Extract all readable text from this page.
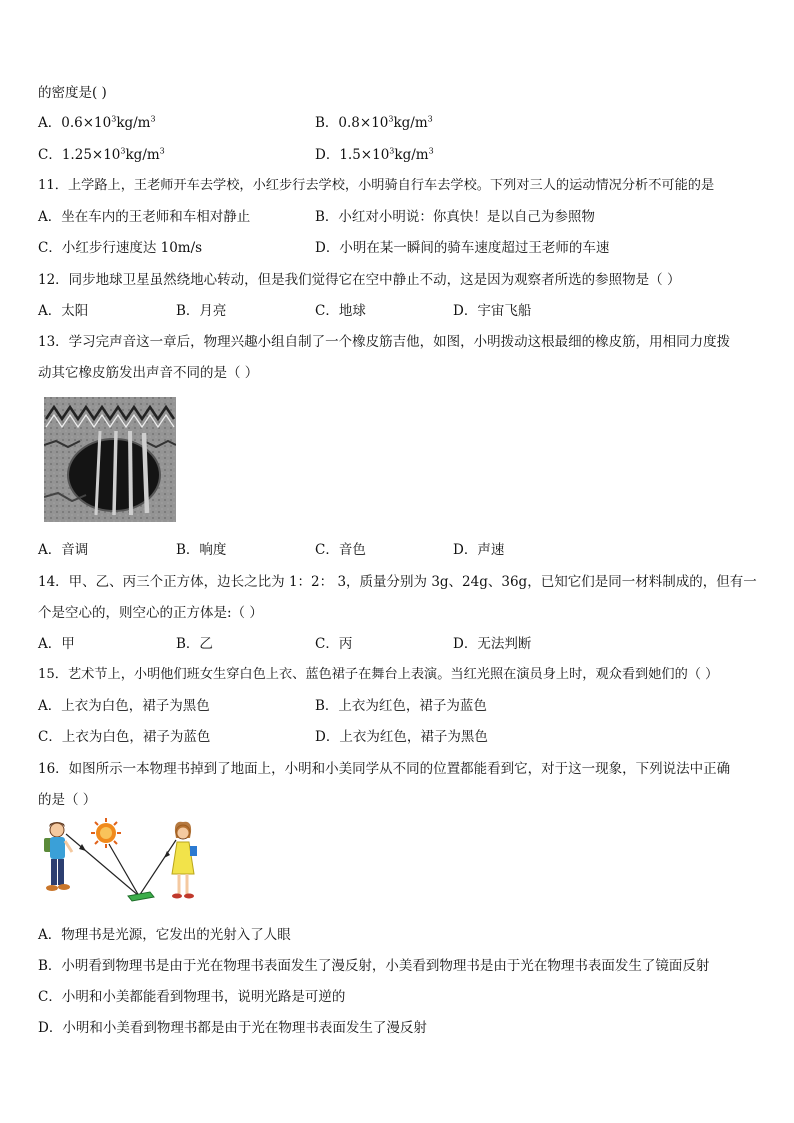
的密度是( )
A．$0.6\times 10^3kg/m^3$	B．$0.8\times 10^3kg/m^3$
C．$1.25\times 10^3kg/m^3$	D．$1.5\times 10^3kg/m^3$
11．上学路上，王老师开车去学校，小红步行去学校，小明骑自行车去学校。下列对三人的运动情况分析不可能的是
A．坐在车内的王老师和车相对静止	B．小红对小明说：你真快！是以自己为参照物
C．小红步行速度达 10m/s	D．小明在某一瞬间的骑车速度超过王老师的车速
12．同步地球卫星虽然绕地心转动，但是我们觉得它在空中静止不动，这是因为观察者所选的参照物是（ ）
A．太阳	B．月亮	C．地球	D．宇宙飞船
13．学习完声音这一章后，物理兴趣小组自制了一个橡皮筋吉他，如图，小明拨动这根最细的橡皮筋，用相同力度拨
动其它橡皮筋发出声音不同的是（ ）
A．音调	B．响度	C．音色	D．声速
14．甲、乙、丙三个正方体，边长之比为 1：2： 3，质量分别为 3g、24g、36g，已知它们是同一材料制成的，但有一
个是空心的，则空心的正方体是:（ ）
A．甲	B．乙	C．丙	D．无法判断
15．艺术节上，小明他们班女生穿白色上衣、蓝色裙子在舞台上表演。当红光照在演员身上时，观众看到她们的（ ）
A．上衣为白色，裙子为黑色	B．上衣为红色，裙子为蓝色
C．上衣为白色，裙子为蓝色	D．上衣为红色，裙子为黑色
16．如图所示一本物理书掉到了地面上，小明和小美同学从不同的位置都能看到它，对于这一现象，下列说法中正确
的是（ ）
A．物理书是光源，它发出的光射入了人眼
B．小明看到物理书是由于光在物理书表面发生了漫反射，小美看到物理书是由于光在物理书表面发生了镜面反射
C．小明和小美都能看到物理书，说明光路是可逆的
D．小明和小美看到物理书都是由于光在物理书表面发生了漫反射
